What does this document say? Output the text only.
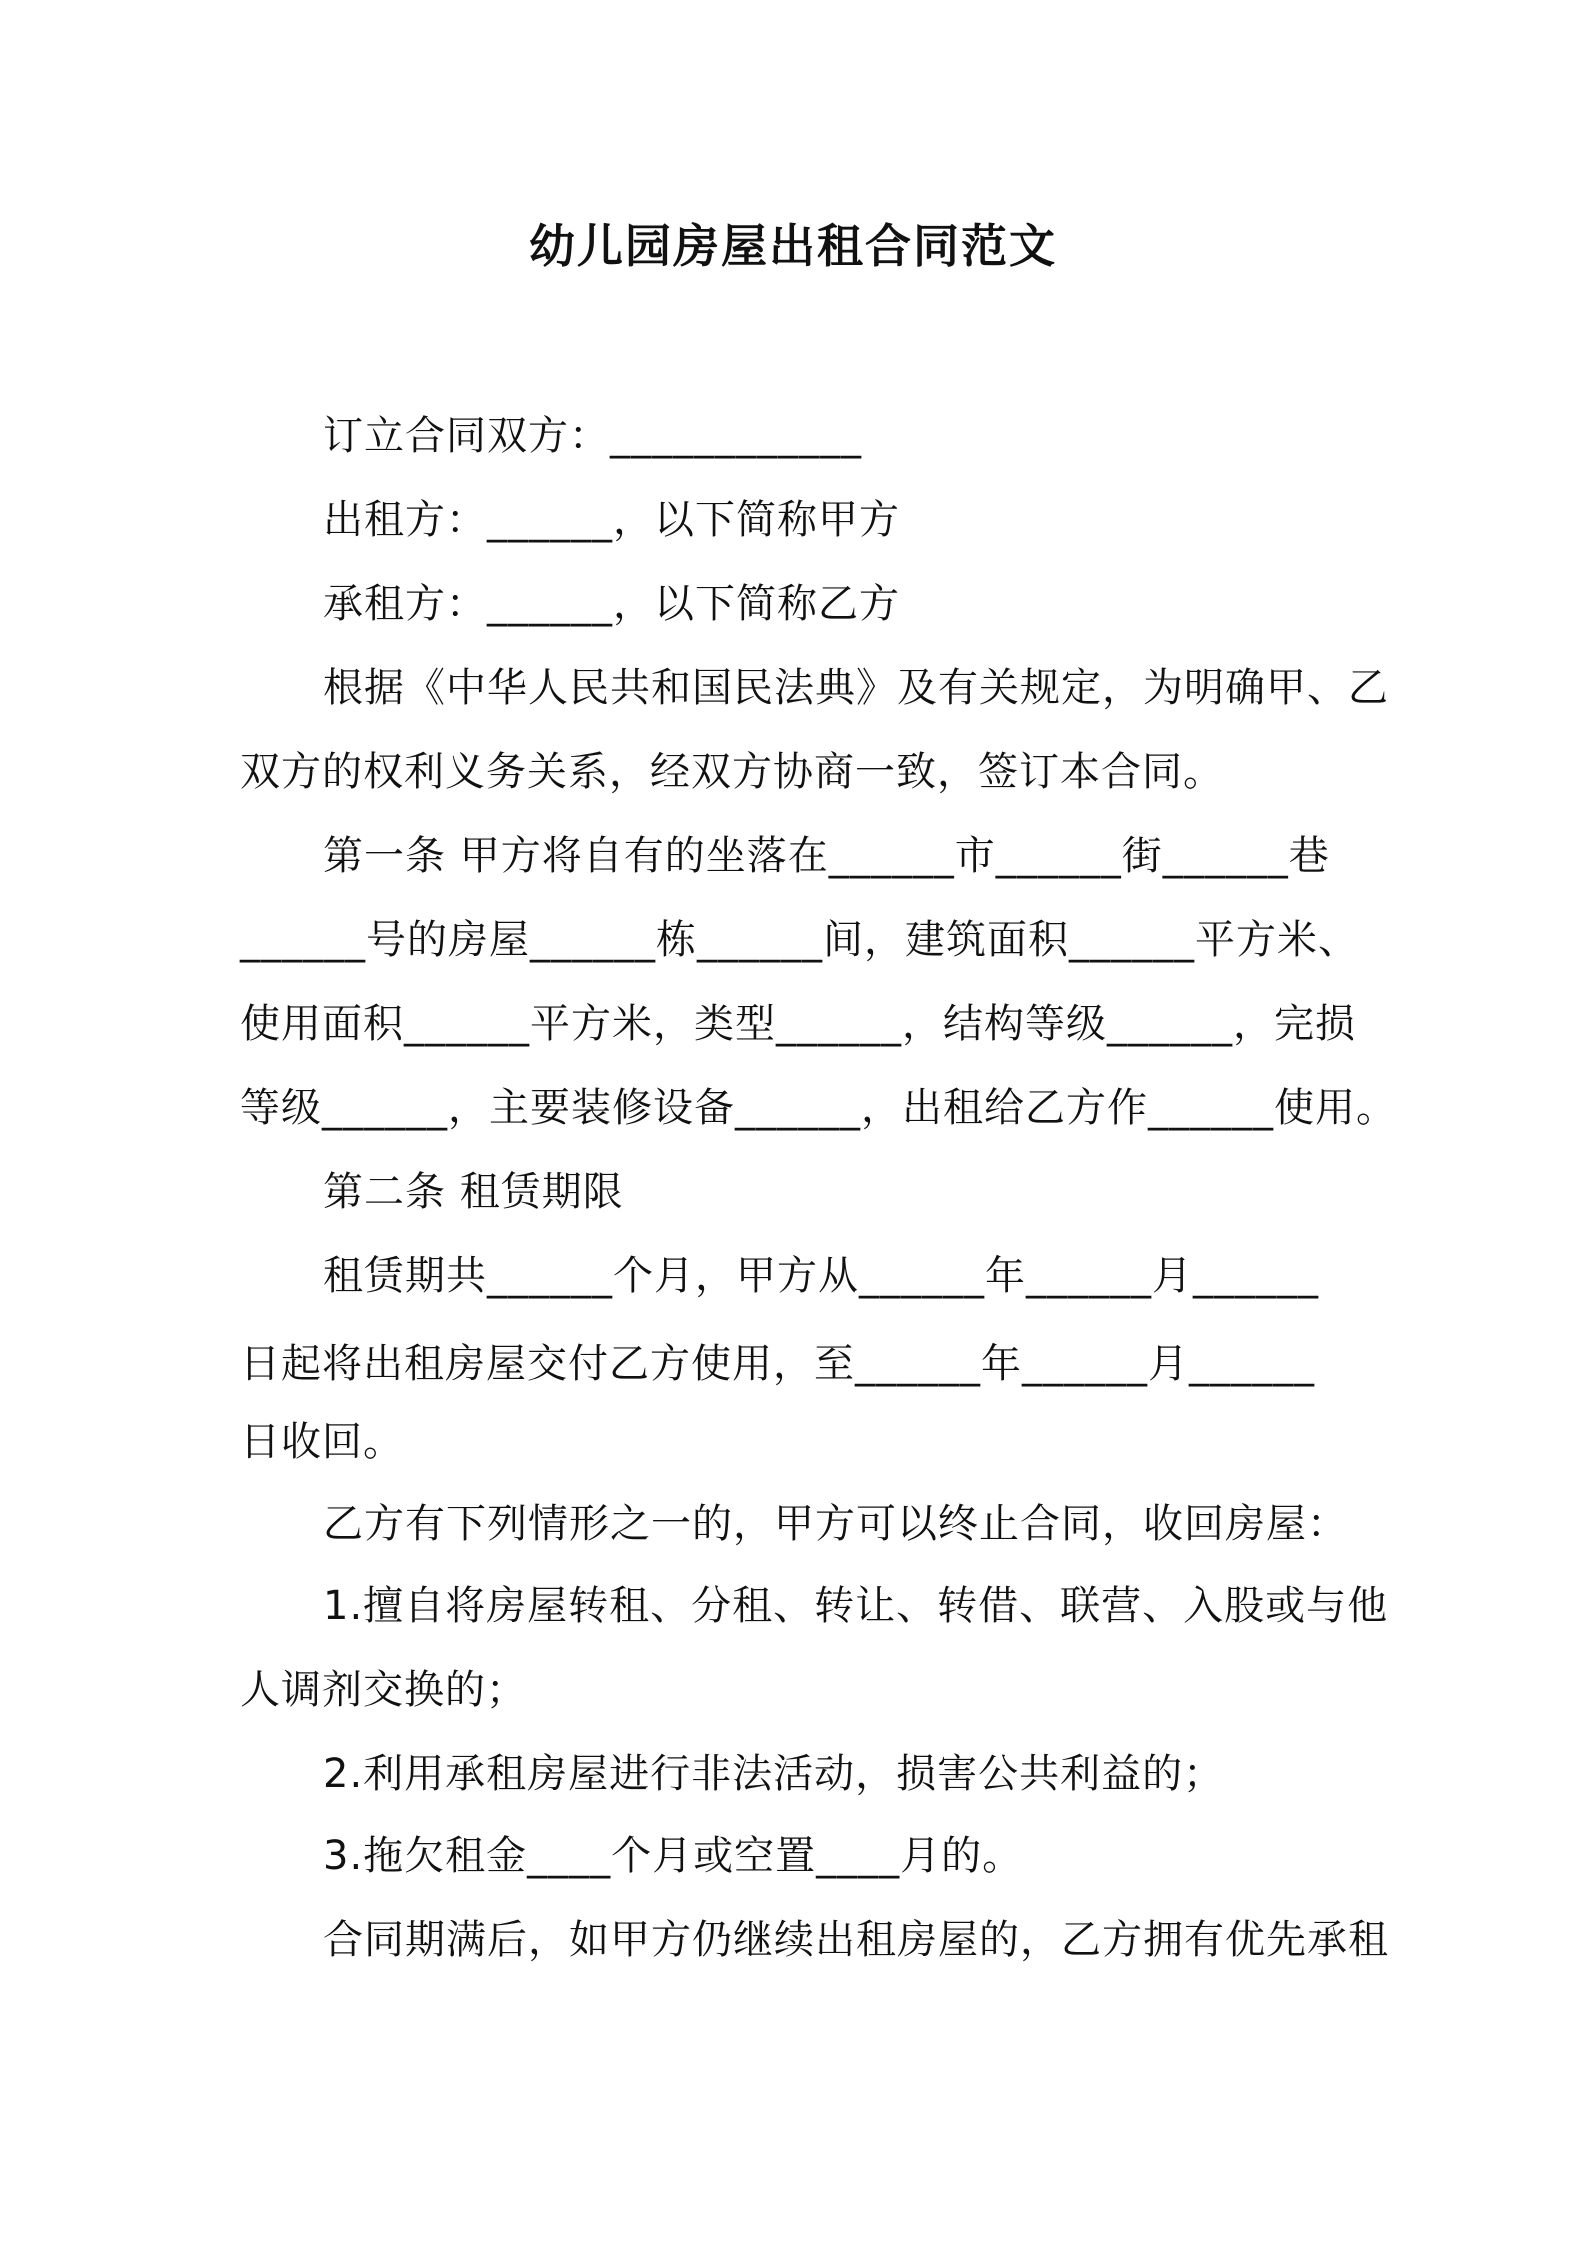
幼儿园房屋出租合同范文
订立合同双方：____________
出租方：______，以下简称甲方
承租方：______，以下简称乙方
根据《中华人民共和国民法典》及有关规定，为明确甲、乙
双方的权利义务关系，经双方协商一致，签订本合同。
第一条 甲方将自有的坐落在______市______街______巷
______号的房屋______栋______间，建筑面积______平方米、
使用面积______平方米，类型______，结构等级______，完损
等级______，主要装修设备______，出租给乙方作______使用。
第二条 租赁期限
租赁期共______个月，甲方从______年______月______
日起将出租房屋交付乙方使用，至______年______月______
日收回。
乙方有下列情形之一的，甲方可以终止合同，收回房屋：
1.擅自将房屋转租、分租、转让、转借、联营、入股或与他
人调剂交换的；
2.利用承租房屋进行非法活动，损害公共利益的；
3.拖欠租金____个月或空置____月的。
合同期满后，如甲方仍继续出租房屋的，乙方拥有优先承租
